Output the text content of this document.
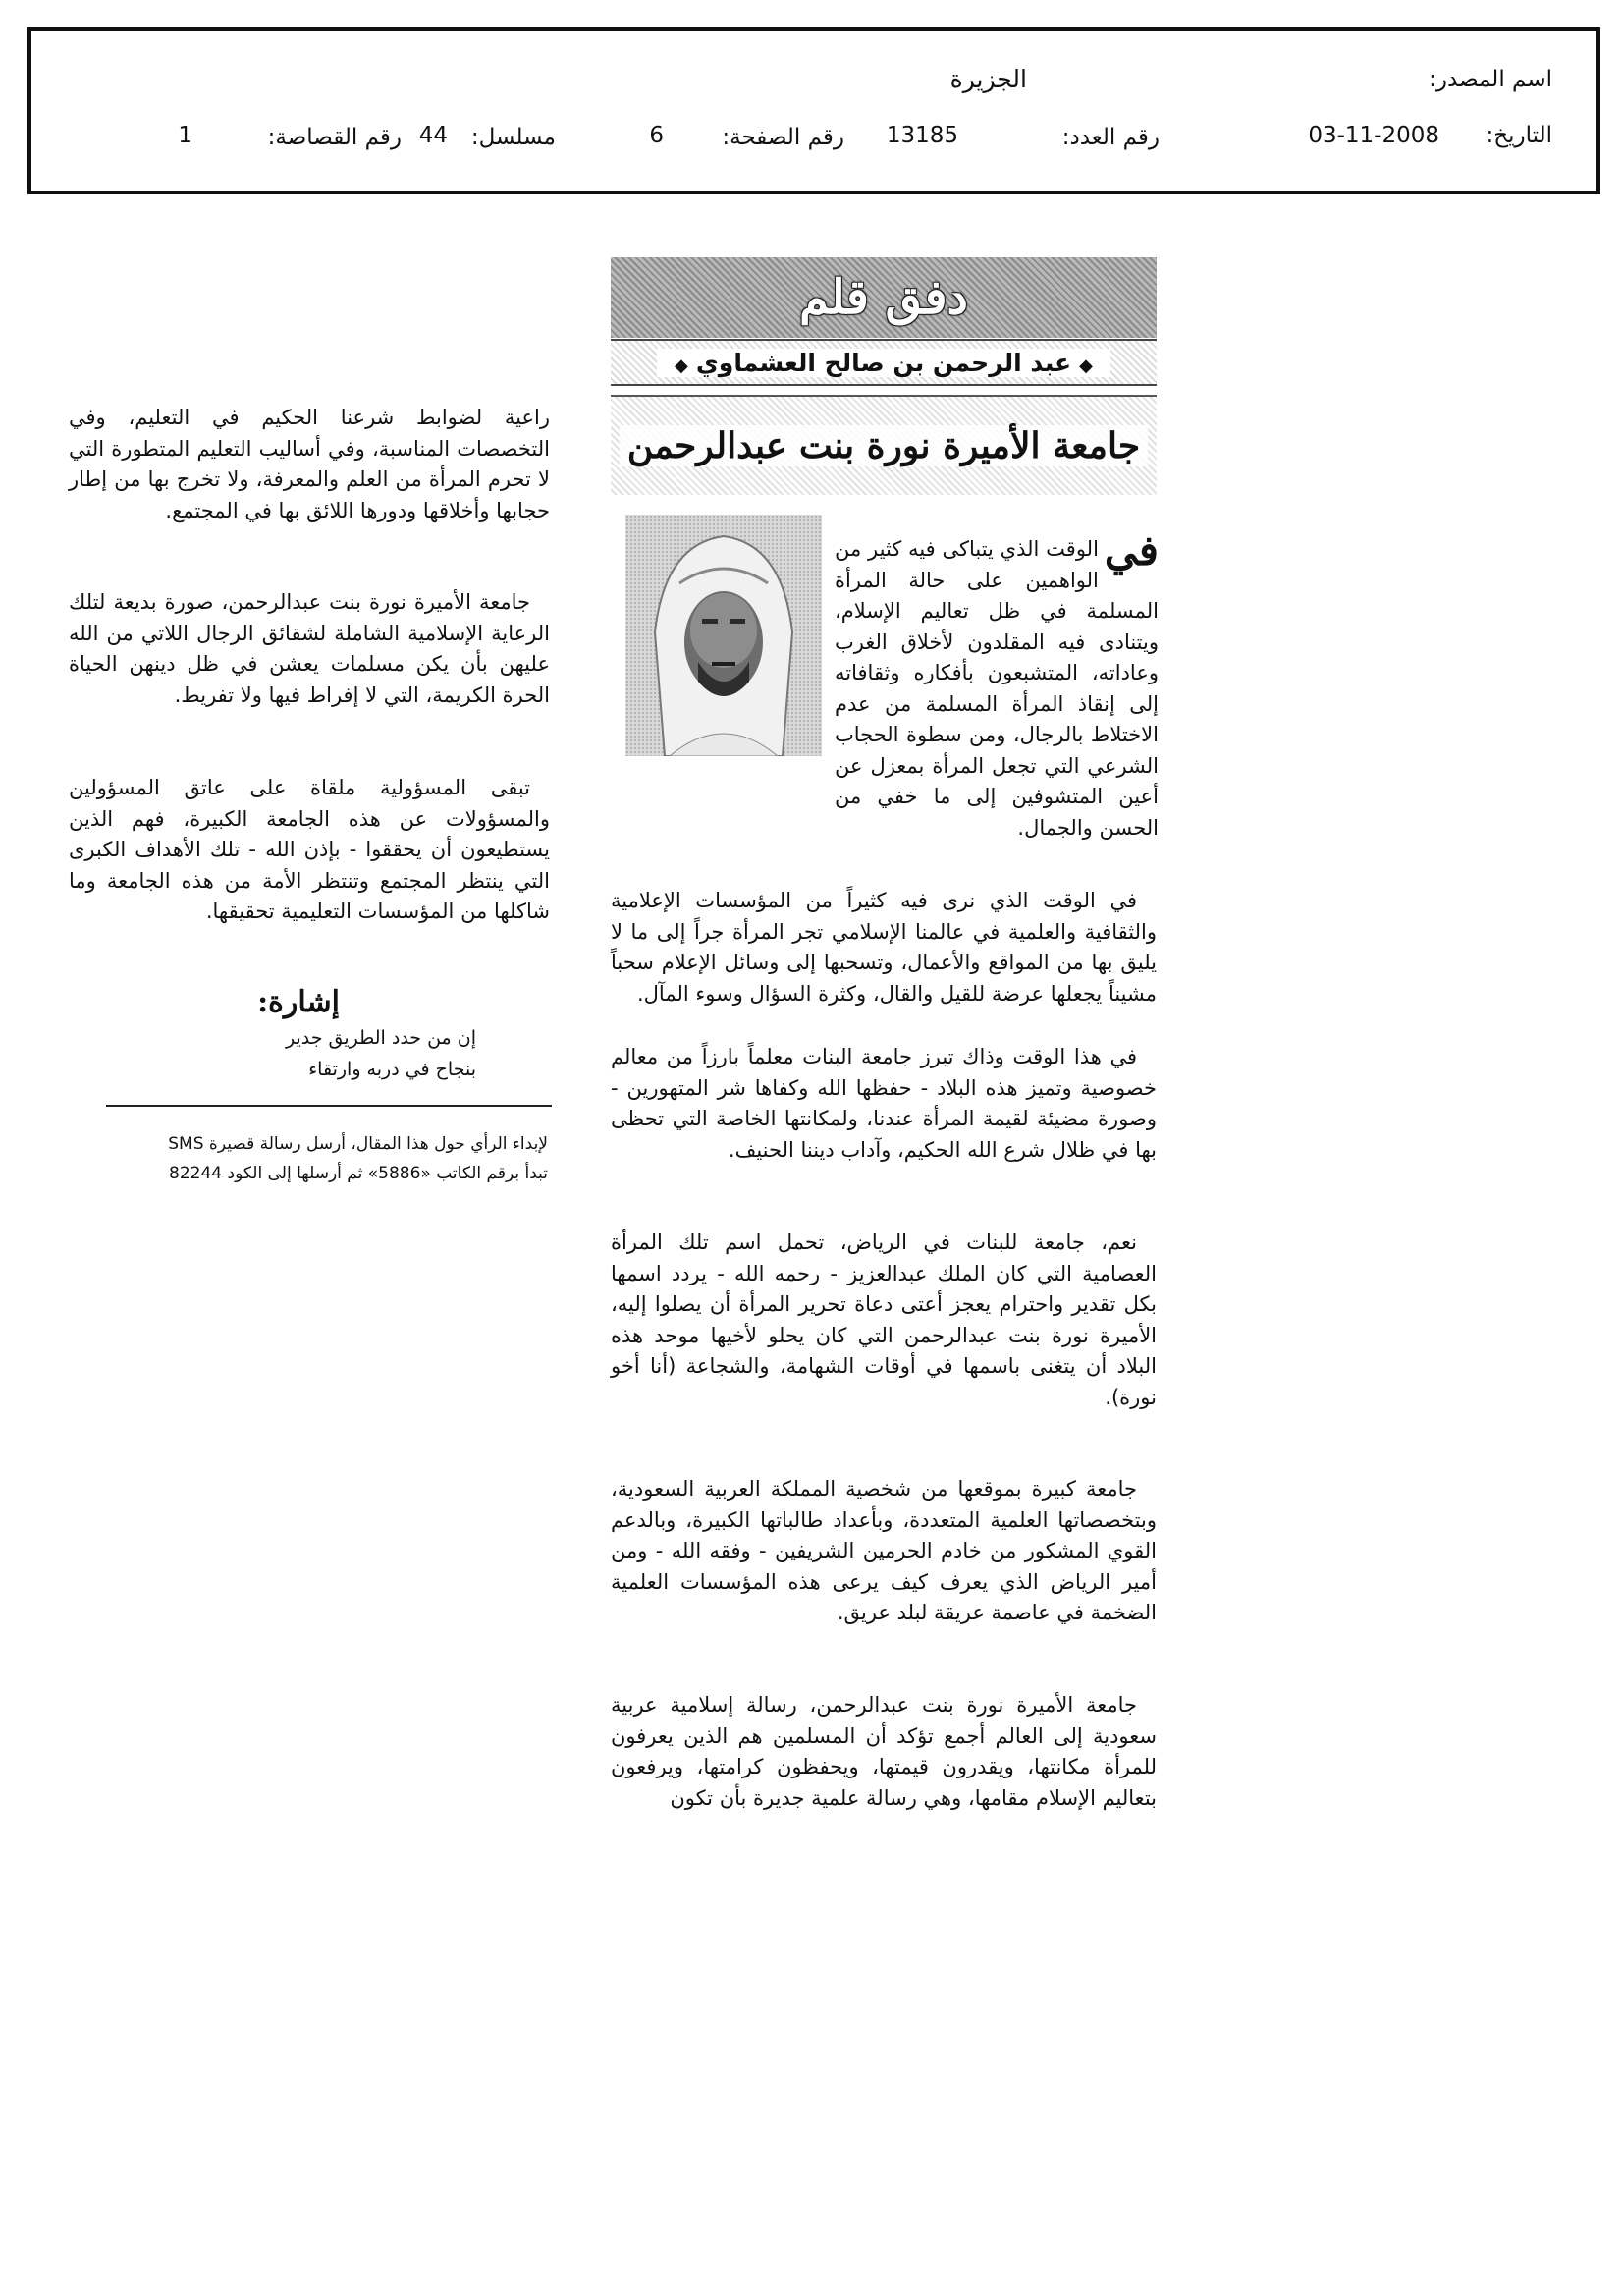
اسم المصدر:
الجزيرة
التاريخ:
03-11-2008
رقم العدد:
13185
رقم الصفحة:
6
مسلسل:
44
رقم القصاصة:
1
دفق قلم
◆عبد الرحمن بن صالح العشماوي◆
جامعة الأميرة نورة بنت عبدالرحمن

في
الوقت الذي يتباكى فيه كثير من الواهمين على حالة المرأة المسلمة في ظل تعاليم الإسلام، ويتنادى فيه المقلدون لأخلاق الغرب وعاداته، المتشبعون بأفكاره وثقافاته إلى إنقاذ المرأة المسلمة من عدم الاختلاط بالرجال، ومن سطوة الحجاب الشرعي التي تجعل المرأة بمعزل عن أعين المتشوفين إلى ما خفي من الحسن والجمال.

في الوقت الذي نرى فيه كثيراً من المؤسسات الإعلامية والثقافية والعلمية في عالمنا الإسلامي تجر المرأة جراً إلى ما لا يليق بها من المواقع والأعمال، وتسحبها إلى وسائل الإعلام سحباً مشيناً يجعلها عرضة للقيل والقال، وكثرة السؤال وسوء المآل.

في هذا الوقت وذاك تبرز جامعة البنات معلماً بارزاً من معالم خصوصية وتميز هذه البلاد - حفظها الله وكفاها شر المتهورين - وصورة مضيئة لقيمة المرأة عندنا، ولمكانتها الخاصة التي تحظى بها في ظلال شرع الله الحكيم، وآداب ديننا الحنيف.

نعم، جامعة للبنات في الرياض، تحمل اسم تلك المرأة العصامية التي كان الملك عبدالعزيز - رحمه الله - يردد اسمها بكل تقدير واحترام يعجز أعتى دعاة تحرير المرأة أن يصلوا إليه، الأميرة نورة بنت عبدالرحمن التي كان يحلو لأخيها موحد هذه البلاد أن يتغنى باسمها في أوقات الشهامة، والشجاعة (أنا أخو نورة).

جامعة كبيرة بموقعها من شخصية المملكة العربية السعودية، وبتخصصاتها العلمية المتعددة، وبأعداد طالباتها الكبيرة، وبالدعم القوي المشكور من خادم الحرمين الشريفين - وفقه الله - ومن أمير الرياض الذي يعرف كيف يرعى هذه المؤسسات العلمية الضخمة في عاصمة عريقة لبلد عريق.

جامعة الأميرة نورة بنت عبدالرحمن، رسالة إسلامية عربية سعودية إلى العالم أجمع تؤكد أن المسلمين هم الذين يعرفون للمرأة مكانتها، ويقدرون قيمتها، ويحفظون كرامتها، ويرفعون بتعاليم الإسلام مقامها، وهي رسالة علمية جديرة بأن تكون

راعية لضوابط شرعنا الحكيم في التعليم، وفي التخصصات المناسبة، وفي أساليب التعليم المتطورة التي لا تحرم المرأة من العلم والمعرفة، ولا تخرج بها من إطار حجابها وأخلاقها ودورها اللائق بها في المجتمع.

جامعة الأميرة نورة بنت عبدالرحمن، صورة بديعة لتلك الرعاية الإسلامية الشاملة لشقائق الرجال اللاتي من الله عليهن بأن يكن مسلمات يعشن في ظل دينهن الحياة الحرة الكريمة، التي لا إفراط فيها ولا تفريط.

تبقى المسؤولية ملقاة على عاتق المسؤولين والمسؤولات عن هذه الجامعة الكبيرة، فهم الذين يستطيعون أن يحققوا - بإذن الله - تلك الأهداف الكبرى التي ينتظر المجتمع وتنتظر الأمة من هذه الجامعة وما شاكلها من المؤسسات التعليمية تحقيقها.

إشارة:
إن من حدد الطريق جدير
بنجاح في دربه وارتقاء
لإبداء الرأي حول هذا المقال، أرسل رسالة قصيرة SMS
تبدأ برقم الكاتب «5886» ثم أرسلها إلى الكود 82244
